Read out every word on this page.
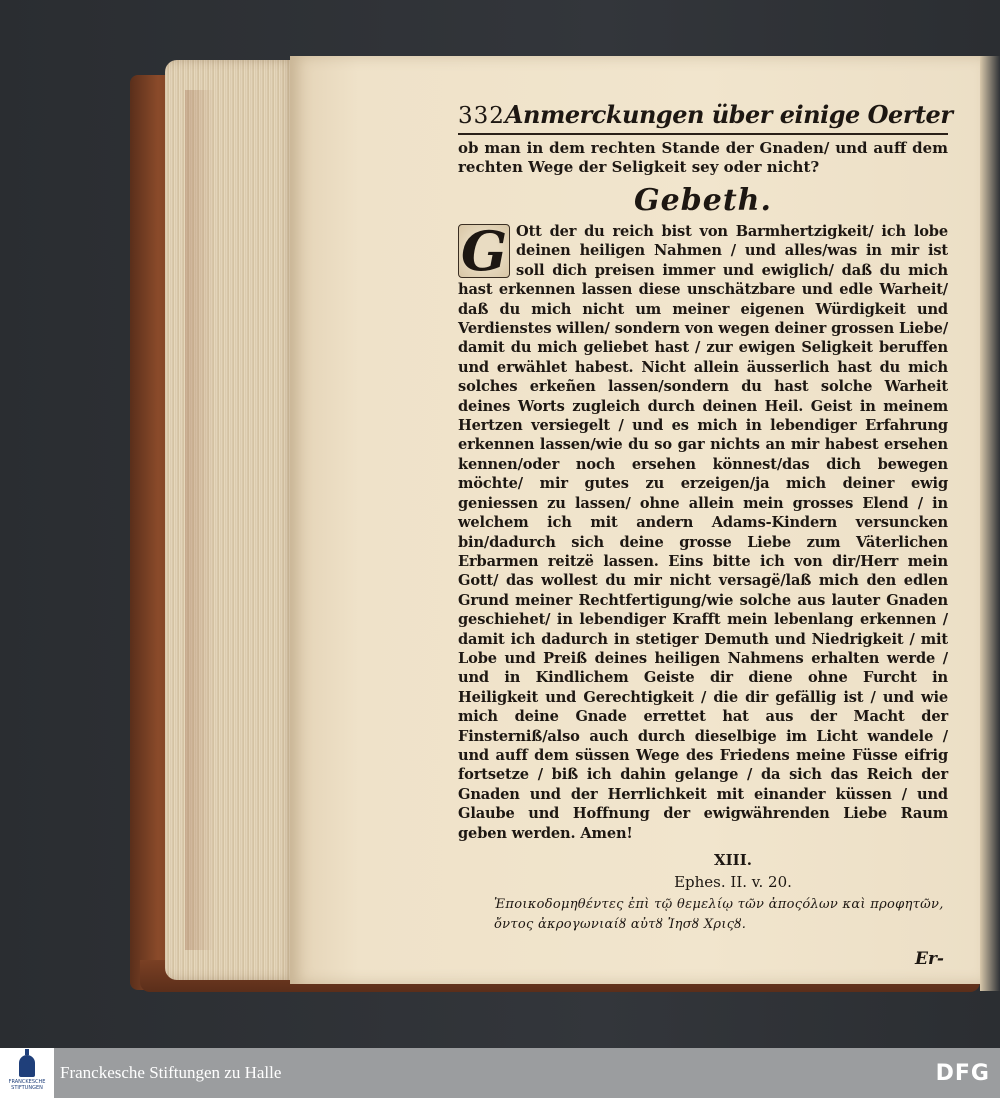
332 Anmerckungen über einige Oerter
ob man in dem rechten Stande der Gnaden/ und auff dem rechten Wege der Seligkeit sey oder nicht?
Gebeth.
G Ott der du reich bist von Barmhertzigkeit/ ich lobe deinen heiligen Nahmen / und alles/was in mir ist soll dich preisen immer und ewiglich/ daß du mich hast erkennen lassen diese unschätzbare und edle Warheit/ daß du mich nicht um meiner eigenen Würdigkeit und Verdienstes willen/ sondern von wegen deiner grossen Liebe/ damit du mich geliebet hast / zur ewigen Seligkeit beruffen und erwählet habest. Nicht allein äusserlich hast du mich solches erkeñen lassen/sondern du hast solche Warheit deines Worts zugleich durch deinen Heil. Geist in meinem Hertzen versiegelt / und es mich in lebendiger Erfahrung erkennen lassen/wie du so gar nichts an mir habest ersehen kennen/oder noch ersehen könnest/das dich bewegen möchte/ mir gutes zu erzeigen/ja mich deiner ewig geniessen zu lassen/ ohne allein mein grosses Elend / in welchem ich mit andern Adams-Kindern versuncken bin/dadurch sich deine grosse Liebe zum Väterlichen Erbarmen reitzë lassen. Eins bitte ich von dir/Herr mein Gott/ das wollest du mir nicht versagë/laß mich den edlen Grund meiner Rechtfertigung/wie solche aus lauter Gnaden geschiehet/ in lebendiger Krafft mein lebenlang erkennen / damit ich dadurch in stetiger Demuth und Niedrigkeit / mit Lobe und Preiß deines heiligen Nahmens erhalten werde / und in Kindlichem Geiste dir diene ohne Furcht in Heiligkeit und Gerechtigkeit / die dir gefällig ist / und wie mich deine Gnade errettet hat aus der Macht der Finsterniß/also auch durch dieselbige im Licht wandele / und auff dem süssen Wege des Friedens meine Füsse eifrig fortsetze / biß ich dahin gelange / da sich das Reich der Gnaden und der Herrlichkeit mit einander küssen / und Glaube und Hoffnung der ewigwährenden Liebe Raum geben werden. Amen!
XIII.
Ephes. II. v. 20.
Ἐποικοδομηθέντες ἐπὶ τῷ θεμελίῳ τῶν ἀποςόλων καὶ προφητῶν, ὄντος ἀκρογωνιαίȣ αὐτȣ Ἰησȣ Χριςȣ.
Er-
FRANCKESCHE STIFTUNGEN
Franckesche Stiftungen zu Halle	DFG
